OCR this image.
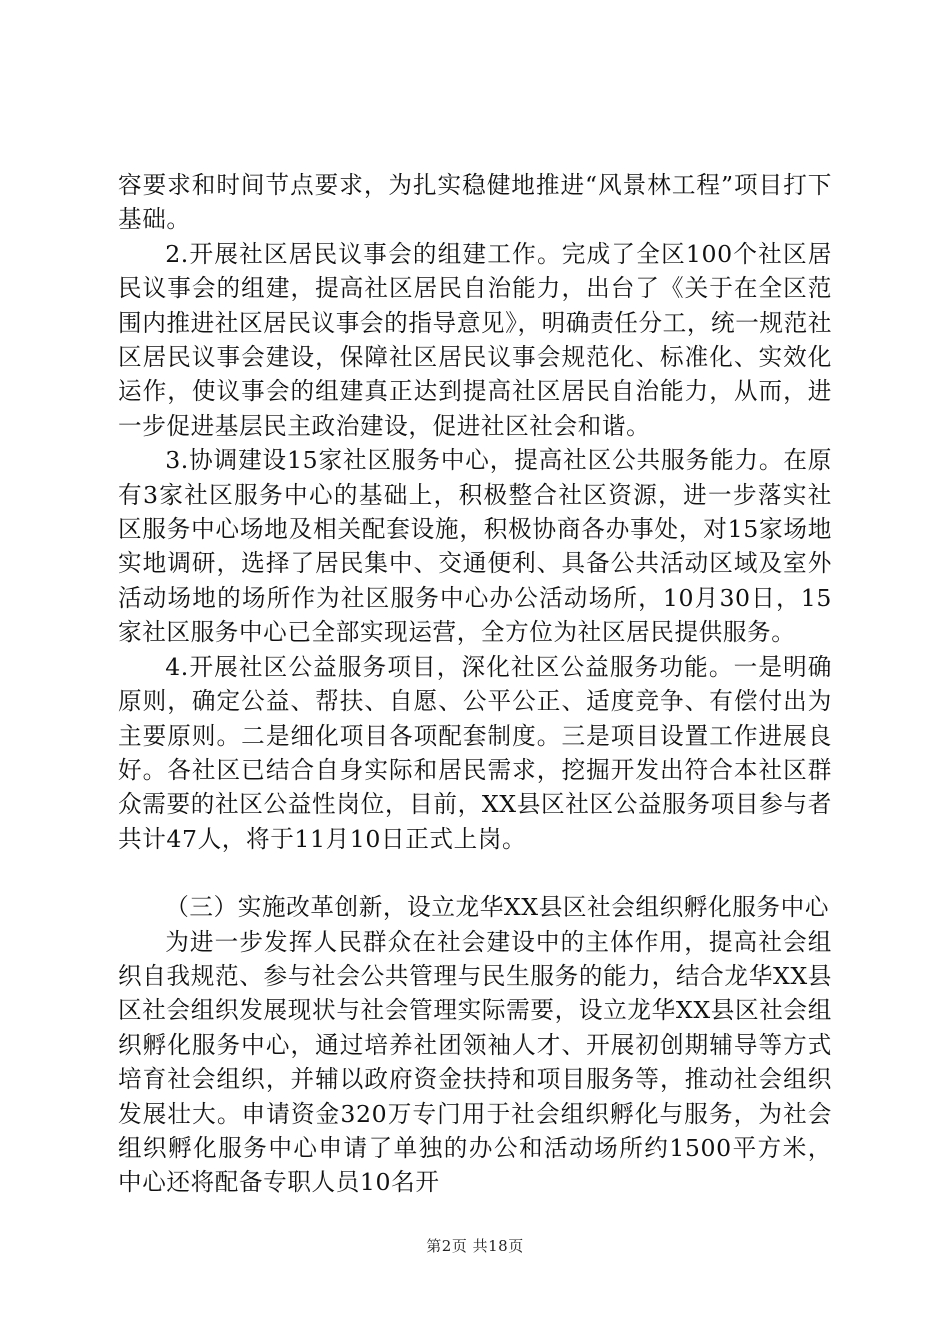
容要求和时间节点要求，为扎实稳健地推进“风景林工程”项目打下基础。

2.开展社区居民议事会的组建工作。完成了全区100个社区居民议事会的组建，提高社区居民自治能力，出台了《关于在全区范围内推进社区居民议事会的指导意见》，明确责任分工，统一规范社区居民议事会建设，保障社区居民议事会规范化、标准化、实效化运作，使议事会的组建真正达到提高社区居民自治能力，从而，进一步促进基层民主政治建设，促进社区社会和谐。

3.协调建设15家社区服务中心，提高社区公共服务能力。在原有3家社区服务中心的基础上，积极整合社区资源，进一步落实社区服务中心场地及相关配套设施，积极协商各办事处，对15家场地实地调研，选择了居民集中、交通便利、具备公共活动区域及室外活动场地的场所作为社区服务中心办公活动场所，10月30日，15家社区服务中心已全部实现运营，全方位为社区居民提供服务。

4.开展社区公益服务项目，深化社区公益服务功能。一是明确原则，确定公益、帮扶、自愿、公平公正、适度竞争、有偿付出为主要原则。二是细化项目各项配套制度。三是项目设置工作进展良好。各社区已结合自身实际和居民需求，挖掘开发出符合本社区群众需要的社区公益性岗位，目前，XX县区社区公益服务项目参与者共计47人，将于11月10日正式上岗。

（三）实施改革创新，设立龙华XX县区社会组织孵化服务中心

为进一步发挥人民群众在社会建设中的主体作用，提高社会组织自我规范、参与社会公共管理与民生服务的能力，结合龙华XX县区社会组织发展现状与社会管理实际需要，设立龙华XX县区社会组织孵化服务中心，通过培养社团领袖人才、开展初创期辅导等方式培育社会组织，并辅以政府资金扶持和项目服务等，推动社会组织发展壮大。申请资金320万专门用于社会组织孵化与服务，为社会组织孵化服务中心申请了单独的办公和活动场所约1500平方米，中心还将配备专职人员10名开

第2页 共18页
